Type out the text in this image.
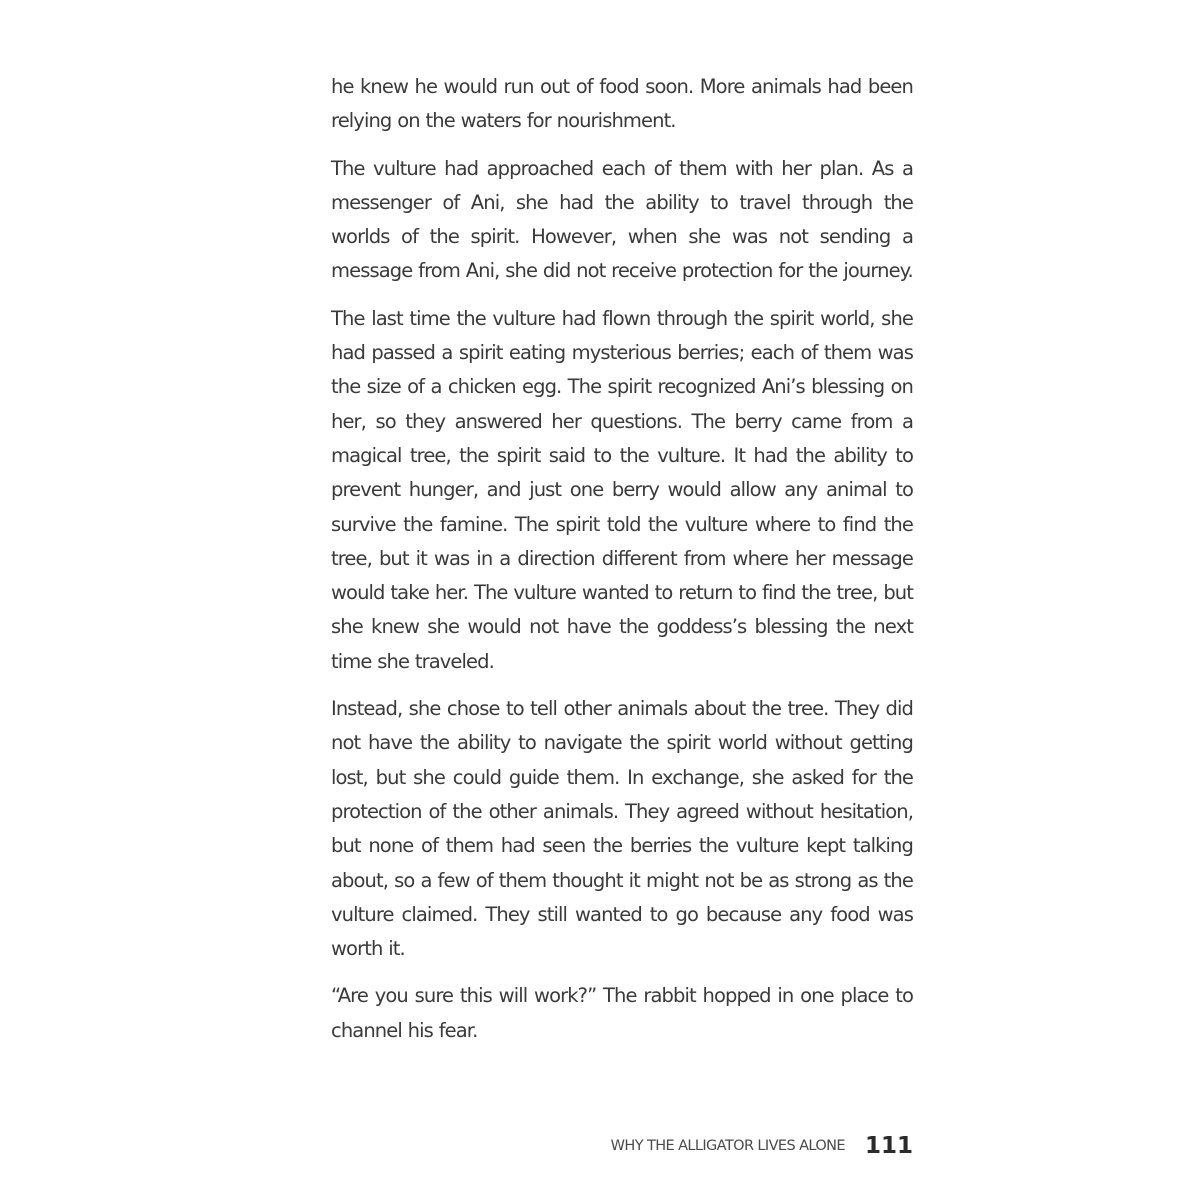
he knew he would run out of food soon. More animals had been relying on the waters for nourishment.

The vulture had approached each of them with her plan. As a messenger of Ani, she had the ability to travel through the worlds of the spirit. However, when she was not sending a message from Ani, she did not receive protection for the journey.

The last time the vulture had flown through the spirit world, she had passed a spirit eating mysterious berries; each of them was the size of a chicken egg. The spirit recognized Ani’s blessing on her, so they answered her questions. The berry came from a magical tree, the spirit said to the vulture. It had the ability to prevent hunger, and just one berry would allow any animal to survive the famine. The spirit told the vulture where to find the tree, but it was in a direction different from where her message would take her. The vulture wanted to return to find the tree, but she knew she would not have the goddess’s blessing the next time she traveled.

Instead, she chose to tell other animals about the tree. They did not have the ability to navigate the spirit world without getting lost, but she could guide them. In exchange, she asked for the protection of the other animals. They agreed without hesitation, but none of them had seen the berries the vulture kept talking about, so a few of them thought it might not be as strong as the vulture claimed. They still wanted to go because any food was worth it.

“Are you sure this will work?” The rabbit hopped in one place to channel his fear.

WHY THE ALLIGATOR LIVES ALONE 111
